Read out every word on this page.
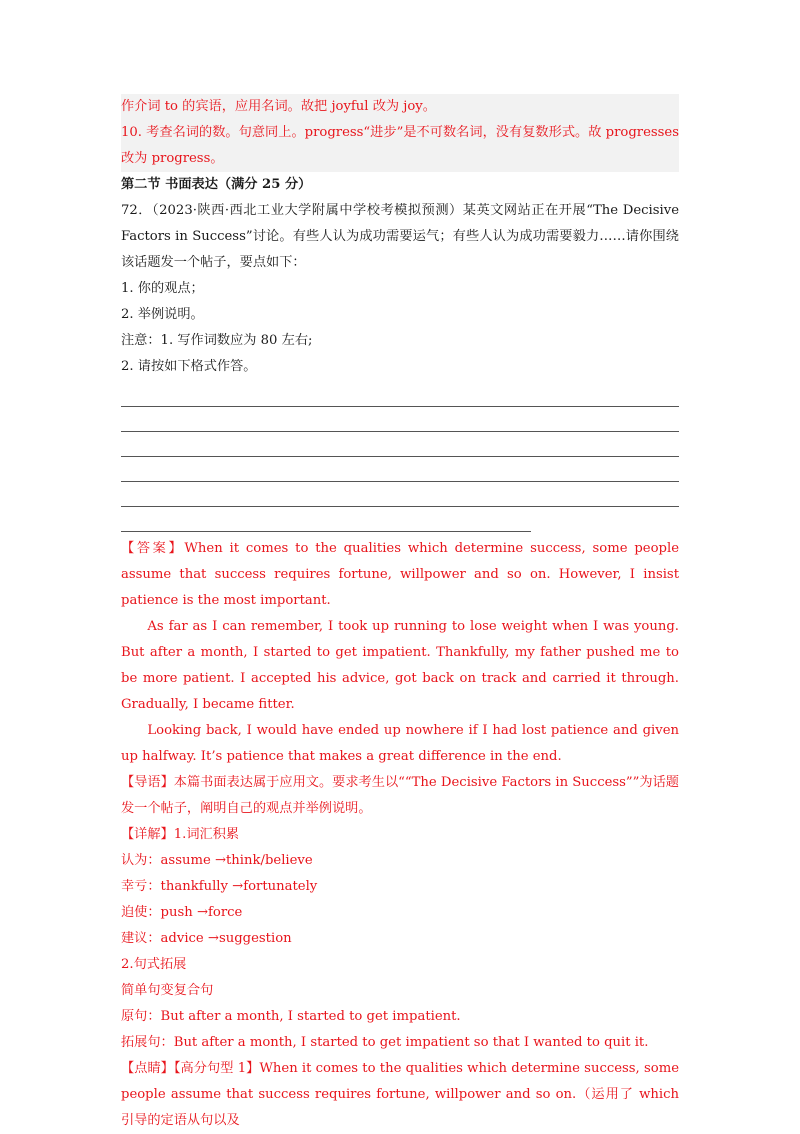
作介词 to 的宾语，应用名词。故把 joyful 改为 joy。
10. 考查名词的数。句意同上。progress“进步”是不可数名词，没有复数形式。故 progresses 改为 progress。
第二节 书面表达（满分 25 分）
72．（2023·陕西·西北工业大学附属中学校考模拟预测）某英文网站正在开展“The Decisive Factors in Success”讨论。有些人认为成功需要运气；有些人认为成功需要毅力……请你围绕该话题发一个帖子，要点如下：
1. 你的观点；
2. 举例说明。
注意：1. 写作词数应为 80 左右;
2. 请按如下格式作答。
【答案】When it comes to the qualities which determine success, some people assume that success requires fortune, willpower and so on. However, I insist patience is the most important.
As far as I can remember, I took up running to lose weight when I was young. But after a month, I started to get impatient. Thankfully, my father pushed me to be more patient. I accepted his advice, got back on track and carried it through. Gradually, I became fitter.
Looking back, I would have ended up nowhere if I had lost patience and given up halfway. It’s patience that makes a great difference in the end.
【导语】本篇书面表达属于应用文。要求考生以““The Decisive Factors in Success””为话题发一个帖子，阐明自己的观点并举例说明。
【详解】1.词汇积累
认为：assume →think/believe
幸亏：thankfully →fortunately
迫使：push →force
建议：advice →suggestion
2.句式拓展
简单句变复合句
原句：But after a month, I started to get impatient.
拓展句：But after a month, I started to get impatient so that I wanted to quit it.
【点睛】【高分句型 1】When it comes to the qualities which determine success, some people assume that success requires fortune, willpower and so on.（运用了 which 引导的定语从句以及
